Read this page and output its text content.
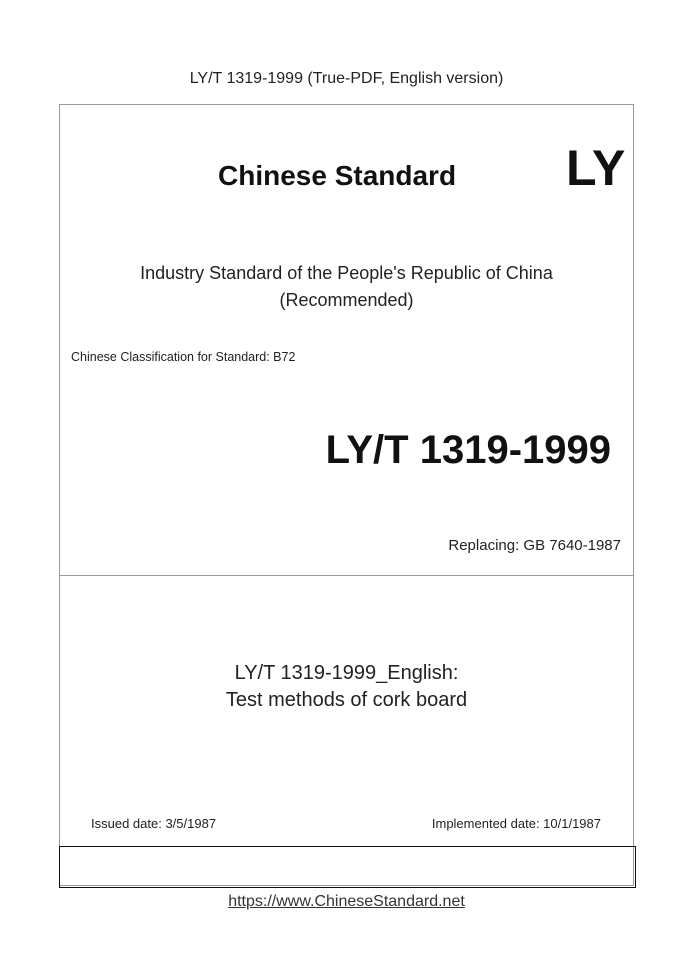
LY/T 1319-1999 (True-PDF, English version)
Chinese Standard LY
Industry Standard of the People's Republic of China
(Recommended)
Chinese Classification for Standard: B72
LY/T 1319-1999
Replacing: GB 7640-1987
LY/T 1319-1999_English:
Test methods of cork board
Issued date: 3/5/1987	Implemented date: 10/1/1987
https://www.ChineseStandard.net
